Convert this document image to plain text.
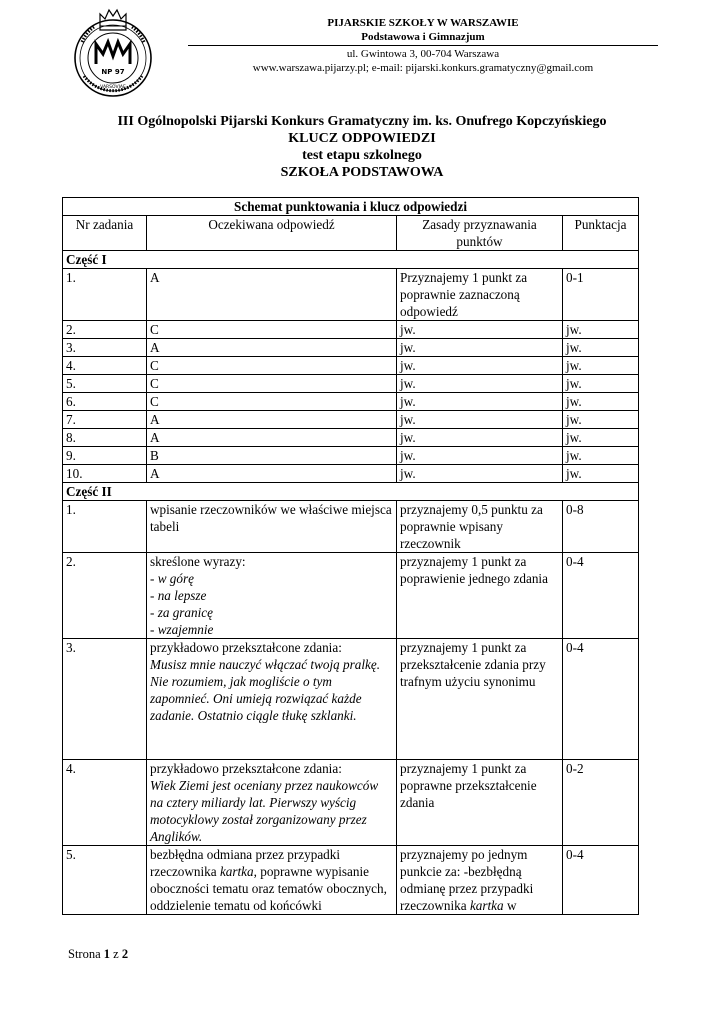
NP 97
VARSOVIAE
PIJARSKIE SZKOŁY W WARSZAWIE
Podstawowa i Gimnazjum
ul. Gwintowa 3, 00-704 Warszawa
www.warszawa.pijarzy.pl; e-mail: pijarski.konkurs.gramatyczny@gmail.com
III Ogólnopolski Pijarski Konkurs Gramatyczny im. ks. Onufrego Kopczyńskiego
KLUCZ ODPOWIEDZI
test etapu szkolnego
SZKOŁA PODSTAWOWA
Schemat punktowania i klucz odpowiedzi			
Nr zadania	Oczekiwana odpowiedź	Zasady przyznawania punktów	Punktacja
Część I			
1.	A	Przyznajemy 1 punkt za poprawnie zaznaczoną odpowiedź	0-1
2.	C	jw.	jw.
3.	A	jw.	jw.
4.	C	jw.	jw.
5.	C	jw.	jw.
6.	C	jw.	jw.
7.	A	jw.	jw.
8.	A	jw.	jw.
9.	B	jw.	jw.
10.	A	jw.	jw.
Część II			
1.	wpisanie rzeczowników we właściwe miejsca tabeli	przyznajemy 0,5 punktu za poprawnie wpisany rzeczownik	0-8
2.	skreślone wyrazy:
- w górę
- na lepsze
- za granicę
- wzajemnie	przyznajemy 1 punkt za poprawienie jednego zdania	0-4
3.	przykładowo przekształcone zdania:
Musisz mnie nauczyć włączać twoją pralkę. Nie rozumiem, jak mogliście o tym zapomnieć. Oni umieją rozwiązać każde zadanie. Ostatnio ciągle tłukę szklanki.	przyznajemy 1 punkt za przekształcenie zdania przy trafnym użyciu synonimu	0-4
4.	przykładowo przekształcone zdania:
Wiek Ziemi jest oceniany przez naukowców na cztery miliardy lat. Pierwszy wyścig motocyklowy został zorganizowany przez Anglików.	przyznajemy 1 punkt za poprawne przekształcenie zdania	0-2
5.	bezbłędna odmiana przez przypadki rzeczownika kartka, poprawne wypisanie oboczności tematu oraz tematów obocznych, oddzielenie tematu od końcówki	przyznajemy po jednym punkcie za: -bezbłędną odmianę przez przypadki rzeczownika kartka w	0-4
Strona 1 z 2
